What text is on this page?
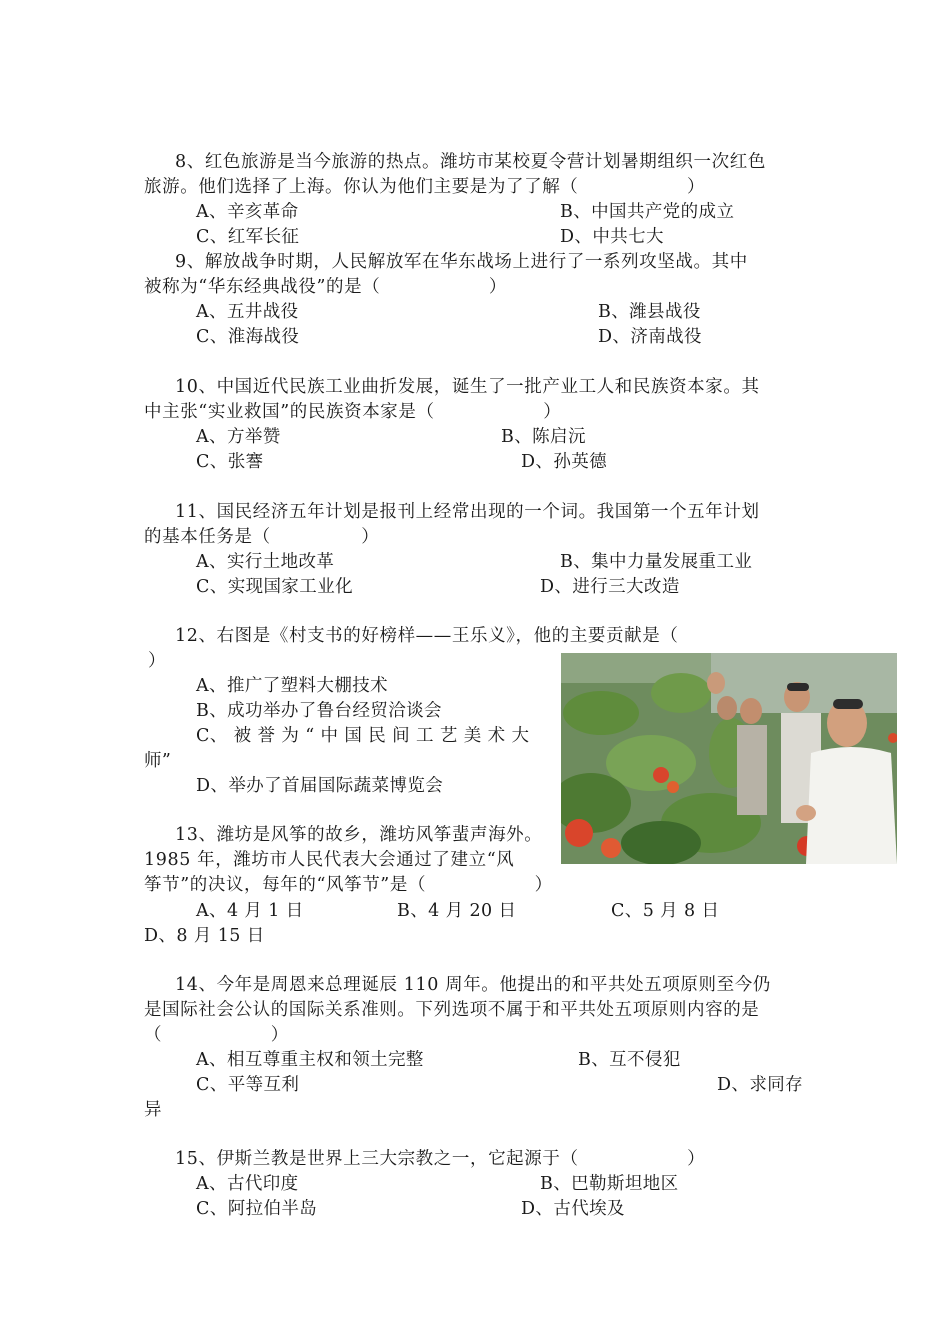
8、红色旅游是当今旅游的热点。潍坊市某校夏令营计划暑期组织一次红色
旅游。他们选择了上海。你认为他们主要是为了了解（　　　　　　）
A、辛亥革命	B、中国共产党的成立
C、红军长征	D、中共七大
9、解放战争时期，人民解放军在华东战场上进行了一系列攻坚战。其中
被称为“华东经典战役”的是（　　　　　　）
A、五井战役	B、潍县战役
C、淮海战役	D、济南战役
10、中国近代民族工业曲折发展，诞生了一批产业工人和民族资本家。其
中主张“实业救国”的民族资本家是（　　　　　　）
A、方举赞	B、陈启沅
C、张謇	D、孙英德
11、国民经济五年计划是报刊上经常出现的一个词。我国第一个五年计划
的基本任务是（　　　　　）
A、实行土地改革	B、集中力量发展重工业
C、实现国家工业化	D、进行三大改造
12、右图是《村支书的好榜样——王乐义》，他的主要贡献是（
）
A、推广了塑料大棚技术
B、成功举办了鲁台经贸洽谈会
C、 被 誉 为 “ 中 国 民 间 工 艺 美 术 大
师”
D、举办了首届国际蔬菜博览会
13、潍坊是风筝的故乡，潍坊风筝蜚声海外。
1985 年，潍坊市人民代表大会通过了建立“风
筝节”的决议，每年的“风筝节”是（　　　　　　）
A、4 月 1 日	B、4 月 20 日	C、5 月 8 日
D、8 月 15 日
14、今年是周恩来总理诞辰 110 周年。他提出的和平共处五项原则至今仍
是国际社会公认的国际关系准则。下列选项不属于和平共处五项原则内容的是
（　　　　　　）
A、相互尊重主权和领土完整	B、互不侵犯
C、平等互利	D、求同存
异
15、伊斯兰教是世界上三大宗教之一，它起源于（　　　　　　）
A、古代印度	B、巴勒斯坦地区
C、阿拉伯半岛	D、古代埃及
